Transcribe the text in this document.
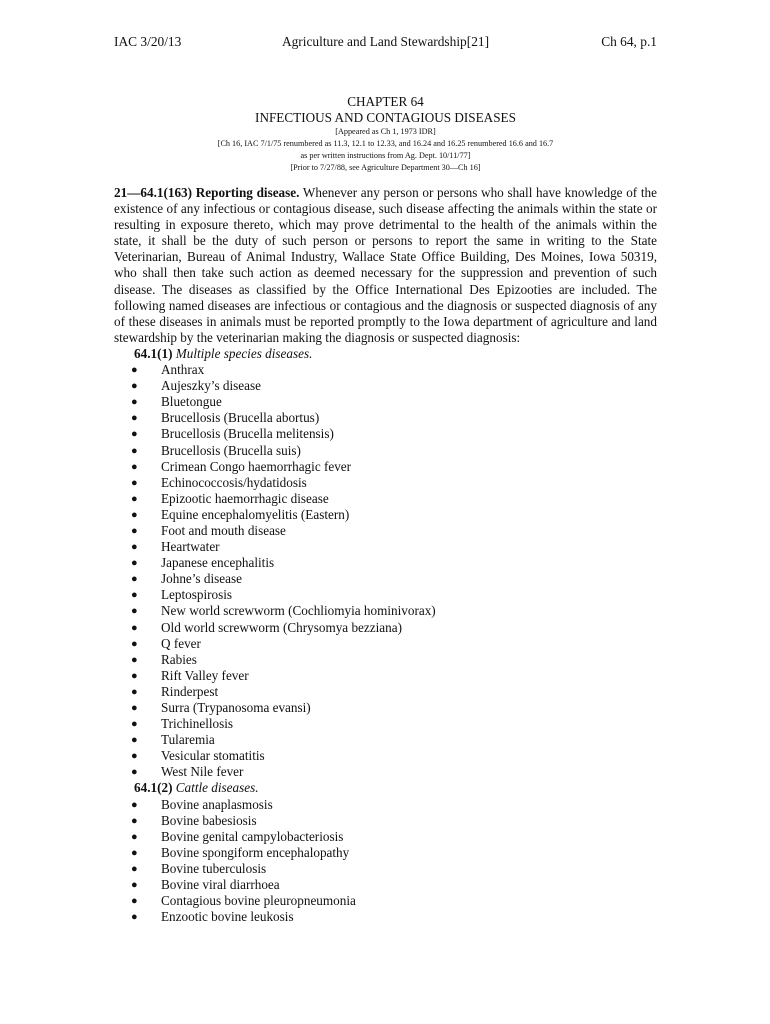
IAC 3/20/13	Agriculture and Land Stewardship[21]	Ch 64, p.1
CHAPTER 64
INFECTIOUS AND CONTAGIOUS DISEASES
[Appeared as Ch 1, 1973 IDR]
[Ch 16, IAC 7/1/75 renumbered as 11.3, 12.1 to 12.33, and 16.24 and 16.25 renumbered 16.6 and 16.7
as per written instructions from Ag. Dept. 10/11/77]
[Prior to 7/27/88, see Agriculture Department 30—Ch 16]

21—64.1(163) Reporting disease. Whenever any person or persons who shall have knowledge of the existence of any infectious or contagious disease, such disease affecting the animals within the state or resulting in exposure thereto, which may prove detrimental to the health of the animals within the state, it shall be the duty of such person or persons to report the same in writing to the State Veterinarian, Bureau of Animal Industry, Wallace State Office Building, Des Moines, Iowa 50319, who shall then take such action as deemed necessary for the suppression and prevention of such disease. The diseases as classified by the Office International Des Epizooties are included. The following named diseases are infectious or contagious and the diagnosis or suspected diagnosis of any of these diseases in animals must be reported promptly to the Iowa department of agriculture and land stewardship by the veterinarian making the diagnosis or suspected diagnosis:

64.1(1) Multiple species diseases.

● Anthrax
● Aujeszky’s disease
● Bluetongue
● Brucellosis (Brucella abortus)
● Brucellosis (Brucella melitensis)
● Brucellosis (Brucella suis)
● Crimean Congo haemorrhagic fever
● Echinococcosis/hydatidosis
● Epizootic haemorrhagic disease
● Equine encephalomyelitis (Eastern)
● Foot and mouth disease
● Heartwater
● Japanese encephalitis
● Johne’s disease
● Leptospirosis
● New world screwworm (Cochliomyia hominivorax)
● Old world screwworm (Chrysomya bezziana)
● Q fever
● Rabies
● Rift Valley fever
● Rinderpest
● Surra (Trypanosoma evansi)
● Trichinellosis
● Tularemia
● Vesicular stomatitis
● West Nile fever

64.1(2) Cattle diseases.

● Bovine anaplasmosis
● Bovine babesiosis
● Bovine genital campylobacteriosis
● Bovine spongiform encephalopathy
● Bovine tuberculosis
● Bovine viral diarrhoea
● Contagious bovine pleuropneumonia
● Enzootic bovine leukosis
